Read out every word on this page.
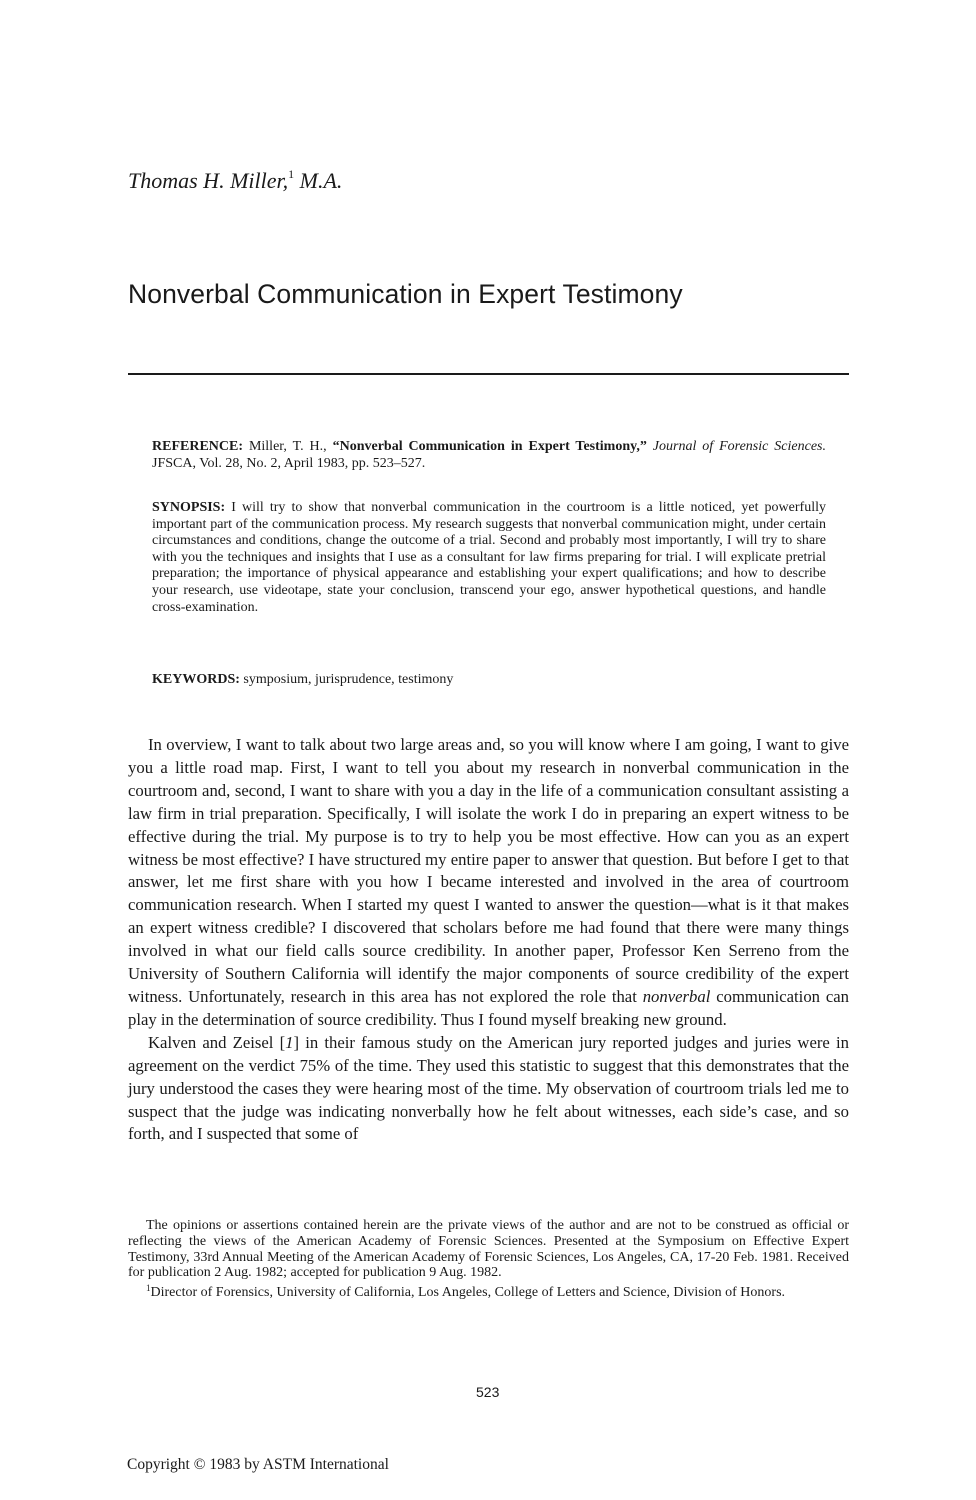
Thomas H. Miller,$^1$ M.A.
Nonverbal Communication in Expert Testimony
REFERENCE: Miller, T. H., “Nonverbal Communication in Expert Testimony,” Journal of Forensic Sciences. JFSCA, Vol. 28, No. 2, April 1983, pp. 523–527.
SYNOPSIS: I will try to show that nonverbal communication in the courtroom is a little noticed, yet powerfully important part of the communication process. My research suggests that nonverbal communication might, under certain circumstances and conditions, change the outcome of a trial. Second and probably most importantly, I will try to share with you the techniques and insights that I use as a consultant for law firms preparing for trial. I will explicate pretrial preparation; the importance of physical appearance and establishing your expert qualifications; and how to describe your research, use videotape, state your conclusion, transcend your ego, answer hypothetical questions, and handle cross-examination.
KEYWORDS: symposium, jurisprudence, testimony

In overview, I want to talk about two large areas and, so you will know where I am going, I want to give you a little road map. First, I want to tell you about my research in nonverbal communication in the courtroom and, second, I want to share with you a day in the life of a communication consultant assisting a law firm in trial preparation. Specifically, I will isolate the work I do in preparing an expert witness to be effective during the trial. My purpose is to try to help you be most effective. How can you as an expert witness be most effective? I have structured my entire paper to answer that question. But before I get to that answer, let me first share with you how I became interested and involved in the area of courtroom communication research. When I started my quest I wanted to answer the question—what is it that makes an expert witness credible? I discovered that scholars before me had found that there were many things involved in what our field calls source credibility. In another paper, Professor Ken Serreno from the University of Southern California will identify the major components of source credibility of the expert witness. Unfortunately, research in this area has not explored the role that nonverbal communication can play in the determination of source credibility. Thus I found myself breaking new ground.

Kalven and Zeisel [1] in their famous study on the American jury reported judges and juries were in agreement on the verdict 75% of the time. They used this statistic to suggest that this demonstrates that the jury understood the cases they were hearing most of the time. My observation of courtroom trials led me to suspect that the judge was indicating nonverbally how he felt about witnesses, each side’s case, and so forth, and I suspected that some of

The opinions or assertions contained herein are the private views of the author and are not to be construed as official or reflecting the views of the American Academy of Forensic Sciences. Presented at the Symposium on Effective Expert Testimony, 33rd Annual Meeting of the American Academy of Forensic Sciences, Los Angeles, CA, 17-20 Feb. 1981. Received for publication 2 Aug. 1982; accepted for publication 9 Aug. 1982.

$^1$Director of Forensics, University of California, Los Angeles, College of Letters and Science, Division of Honors.

523
Copyright © 1983 by ASTM International
